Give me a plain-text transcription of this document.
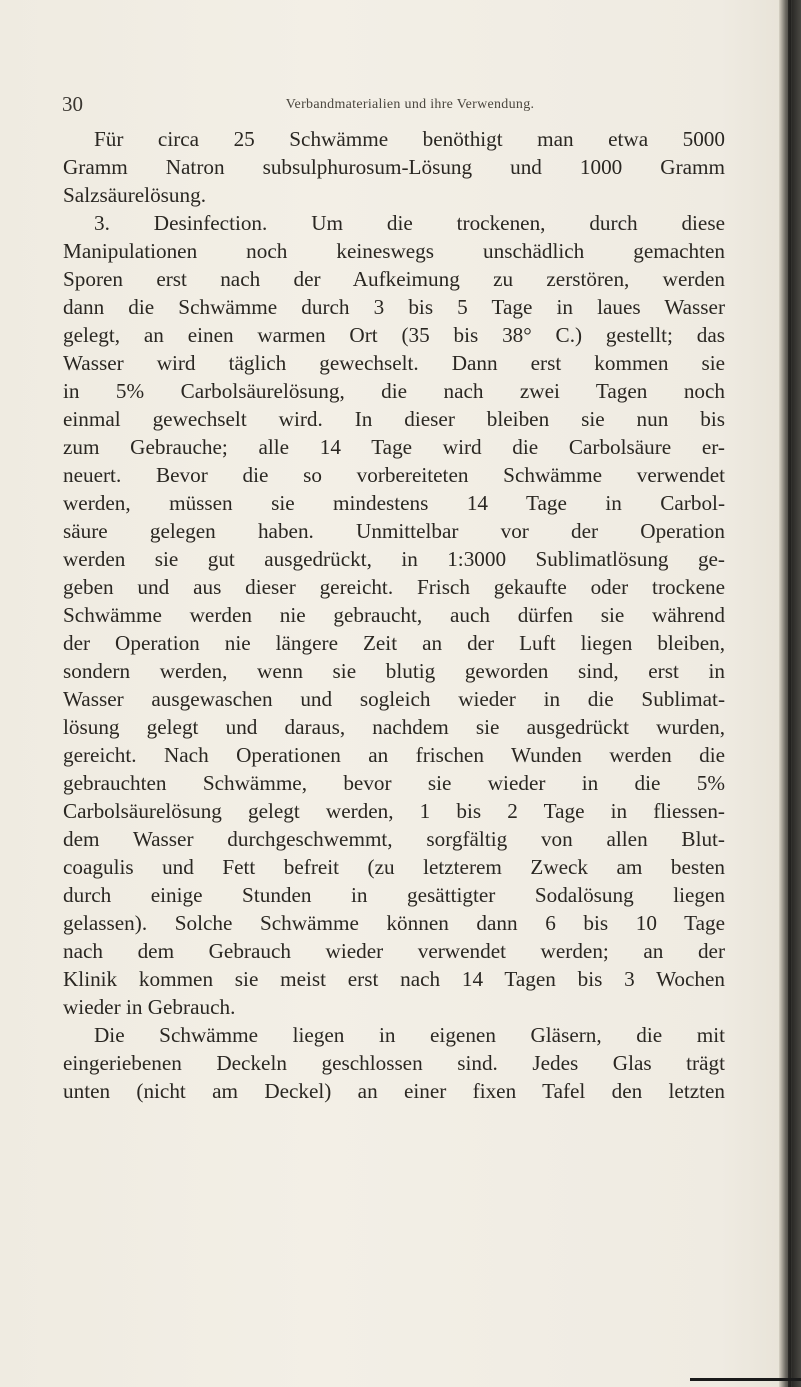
30	Verbandmaterialien und ihre Verwendung.
Für circa 25 Schwämme benöthigt man etwa 5000
Gramm Natron subsulphurosum-Lösung und 1000 Gramm
Salzsäurelösung.
3. Desinfection. Um die trockenen, durch diese
Manipulationen noch keineswegs unschädlich gemachten
Sporen erst nach der Aufkeimung zu zerstören, werden
dann die Schwämme durch 3 bis 5 Tage in laues Wasser
gelegt, an einen warmen Ort (35 bis 38° C.) gestellt; das
Wasser wird täglich gewechselt. Dann erst kommen sie
in 5% Carbolsäurelösung, die nach zwei Tagen noch
einmal gewechselt wird. In dieser bleiben sie nun bis
zum Gebrauche; alle 14 Tage wird die Carbolsäure er-
neuert. Bevor die so vorbereiteten Schwämme verwendet
werden, müssen sie mindestens 14 Tage in Carbol-
säure gelegen haben. Unmittelbar vor der Operation
werden sie gut ausgedrückt, in 1:3000 Sublimatlösung ge-
geben und aus dieser gereicht. Frisch gekaufte oder trockene
Schwämme werden nie gebraucht, auch dürfen sie während
der Operation nie längere Zeit an der Luft liegen bleiben,
sondern werden, wenn sie blutig geworden sind, erst in
Wasser ausgewaschen und sogleich wieder in die Sublimat-
lösung gelegt und daraus, nachdem sie ausgedrückt wurden,
gereicht. Nach Operationen an frischen Wunden werden die
gebrauchten Schwämme, bevor sie wieder in die 5%
Carbolsäurelösung gelegt werden, 1 bis 2 Tage in fliessen-
dem Wasser durchgeschwemmt, sorgfältig von allen Blut-
coagulis und Fett befreit (zu letzterem Zweck am besten
durch einige Stunden in gesättigter Sodalösung liegen
gelassen). Solche Schwämme können dann 6 bis 10 Tage
nach dem Gebrauch wieder verwendet werden; an der
Klinik kommen sie meist erst nach 14 Tagen bis 3 Wochen
wieder in Gebrauch.
Die Schwämme liegen in eigenen Gläsern, die mit
eingeriebenen Deckeln geschlossen sind. Jedes Glas trägt
unten (nicht am Deckel) an einer fixen Tafel den letzten
